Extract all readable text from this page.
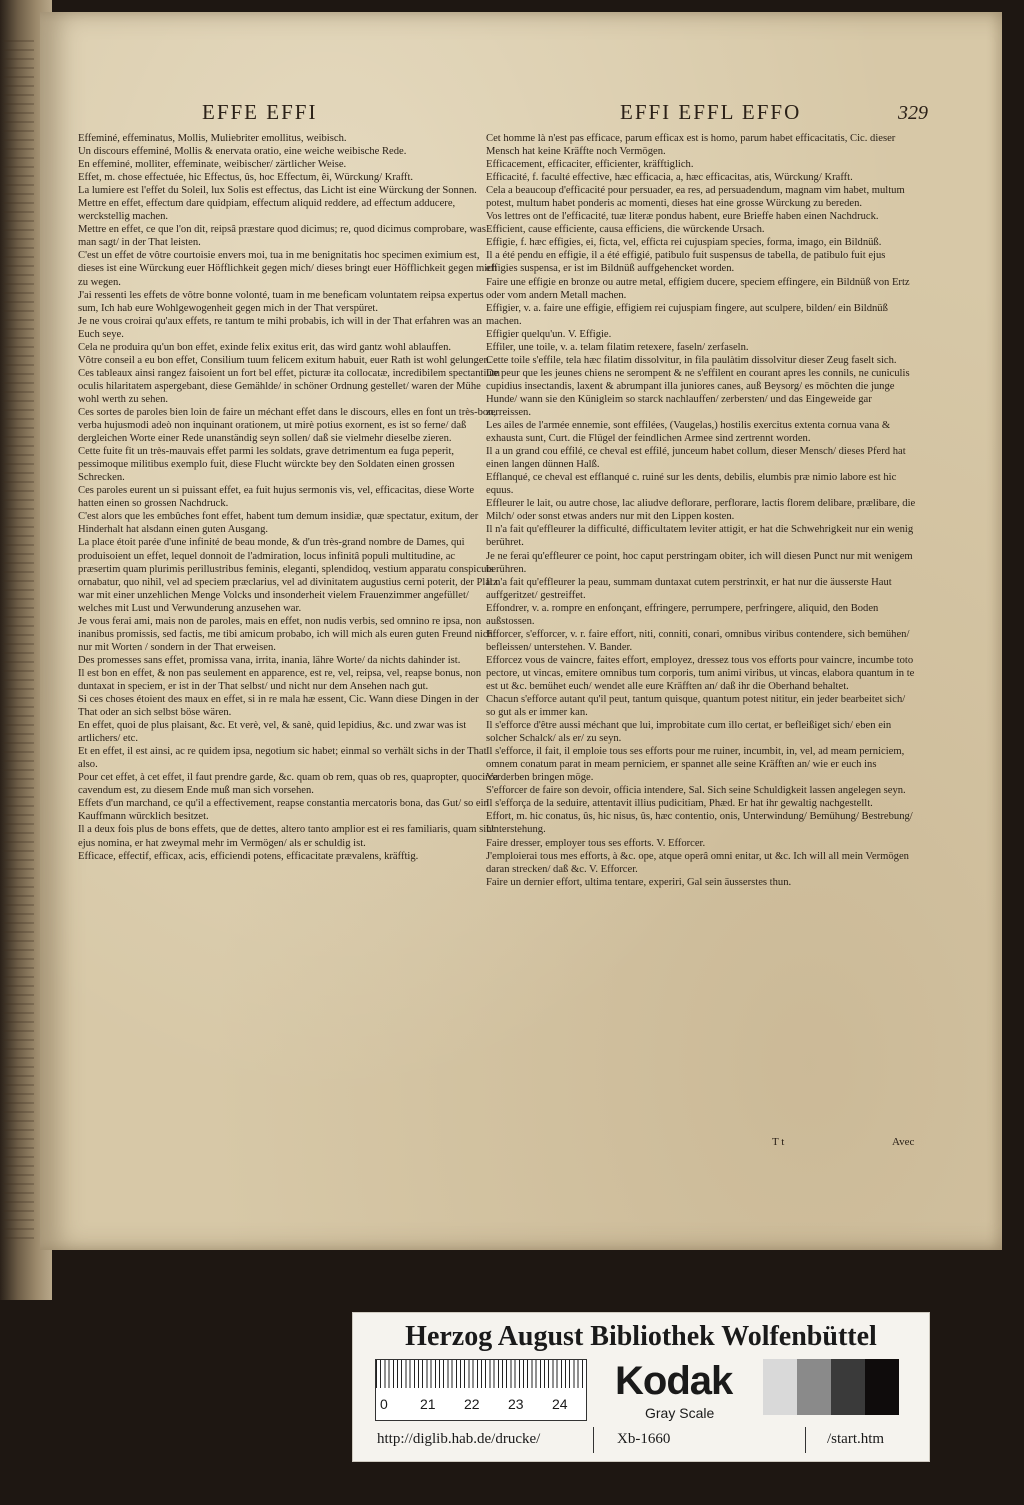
EFFE EFFI	EFFI EFFL EFFO	329

Effeminé, effeminatus, Mollis, Muliebriter emollitus, weibisch.

Un discours effeminé, Mollis & enervata oratio, eine weiche weibische Rede.

En effeminé, molliter, effeminate, weibischer/ zärtlicher Weise.

Effet, m. chose effectuée, hic Effectus, ûs, hoc Effectum, êi, Würckung/ Krafft.

La lumiere est l'effet du Soleil, lux Solis est effectus, das Licht ist eine Würckung der Sonnen.

Mettre en effet, effectum dare quidpiam, effectum aliquid reddere, ad effectum adducere, werckstellig machen.

Mettre en effet, ce que l'on dit, reipsâ præstare quod dicimus; re, quod dicimus comprobare, was man sagt/ in der That leisten.

C'est un effet de vôtre courtoisie envers moi, tua in me benignitatis hoc specimen eximium est, dieses ist eine Würckung euer Höfflichkeit gegen mich/ dieses bringt euer Höfflichkeit gegen mich zu wegen.

J'ai ressenti les effets de vôtre bonne volonté, tuam in me beneficam voluntatem reipsa expertus sum, Ich hab eure Wohlgewogenheit gegen mich in der That verspüret.

Je ne vous croirai qu'aux effets, re tantum te mihi probabis, ich will in der That erfahren was an Euch seye.

Cela ne produira qu'un bon effet, exinde felix exitus erit, das wird gantz wohl ablauffen.

Vôtre conseil a eu bon effet, Consilium tuum felicem exitum habuit, euer Rath ist wohl gelungen.

Ces tableaux ainsi rangez faisoient un fort bel effet, picturæ ita collocatæ, incredibilem spectantium oculis hilaritatem aspergebant, diese Gemählde/ in schöner Ordnung gestellet/ waren der Mühe wohl werth zu sehen.

Ces sortes de paroles bien loin de faire un méchant effet dans le discours, elles en font un très-bon, verba hujusmodi adeò non inquinant orationem, ut mirè potius exornent, es ist so ferne/ daß dergleichen Worte einer Rede unanständig seyn sollen/ daß sie vielmehr dieselbe zieren.

Cette fuite fit un très-mauvais effet parmi les soldats, grave detrimentum ea fuga peperit, pessimoque militibus exemplo fuit, diese Flucht würckte bey den Soldaten einen grossen Schrecken.

Ces paroles eurent un si puissant effet, ea fuit hujus sermonis vis, vel, efficacitas, diese Worte hatten einen so grossen Nachdruck.

C'est alors que les embûches font effet, habent tum demum insidiæ, quæ spectatur, exitum, der Hinderhalt hat alsdann einen guten Ausgang.

La place étoit parée d'une infinité de beau monde, & d'un très-grand nombre de Dames, qui produisoient un effet, lequel donnoit de l'admiration, locus infinitâ populi multitudine, ac præsertim quam plurimis perillustribus feminis, eleganti, splendidoq, vestium apparatu conspicuis ornabatur, quo nihil, vel ad speciem præclarius, vel ad divinitatem augustius cerni poterit, der Platz war mit einer unzehlichen Menge Volcks und insonderheit vielem Frauenzimmer angefüllet/ welches mit Lust und Verwunderung anzusehen war.

Je vous ferai ami, mais non de paroles, mais en effet, non nudis verbis, sed omnino re ipsa, non inanibus promissis, sed factis, me tibi amicum probabo, ich will mich als euren guten Freund nicht nur mit Worten / sondern in der That erweisen.

Des promesses sans effet, promissa vana, irrita, inania, lähre Worte/ da nichts dahinder ist.

Il est bon en effet, & non pas seulement en apparence, est re, vel, reipsa, vel, reapse bonus, non duntaxat in speciem, er ist in der That selbst/ und nicht nur dem Ansehen nach gut.

Si ces choses étoient des maux en effet, si in re mala hæ essent, Cic. Wann diese Dingen in der That oder an sich selbst böse wären.

En effet, quoi de plus plaisant, &c. Et verè, vel, & sanè, quid lepidius, &c. und zwar was ist artlichers/ etc.

Et en effet, il est ainsi, ac re quidem ipsa, negotium sic habet; einmal so verhält sichs in der That also.

Pour cet effet, à cet effet, il faut prendre garde, &c. quam ob rem, quas ob res, quapropter, quocirca cavendum est, zu diesem Ende muß man sich vorsehen.

Effets d'un marchand, ce qu'il a effectivement, reapse constantia mercatoris bona, das Gut/ so ein Kauffmann würcklich besitzet.

Il a deux fois plus de bons effets, que de dettes, altero tanto amplior est ei res familiaris, quam sint ejus nomina, er hat zweymal mehr im Vermögen/ als er schuldig ist.

Efficace, effectif, efficax, acis, efficiendi potens, efficacitate prævalens, kräfftig.

Cet homme là n'est pas efficace, parum efficax est is homo, parum habet efficacitatis, Cic. dieser Mensch hat keine Kräffte noch Vermögen.

Efficacement, efficaciter, efficienter, kräfftiglich.

Efficacité, f. faculté effective, hæc efficacia, a, hæc efficacitas, atis, Würckung/ Krafft.

Cela a beaucoup d'efficacité pour persuader, ea res, ad persuadendum, magnam vim habet, multum potest, multum habet ponderis ac momenti, dieses hat eine grosse Würckung zu bereden.

Vos lettres ont de l'efficacité, tuæ literæ pondus habent, eure Brieffe haben einen Nachdruck.

Efficient, cause efficiente, causa efficiens, die würckende Ursach.

Effigie, f. hæc effigies, ei, ficta, vel, efficta rei cujuspiam species, forma, imago, ein Bildnüß.

Il a été pendu en effigie, il a été effigié, patibulo fuit suspensus de tabella, de patibulo fuit ejus effigies suspensa, er ist im Bildnüß auffgehencket worden.

Faire une effigie en bronze ou autre metal, effigiem ducere, speciem effingere, ein Bildnüß von Ertz oder vom andern Metall machen.

Effigier, v. a. faire une effigie, effigiem rei cujuspiam fingere, aut sculpere, bilden/ ein Bildnüß machen.

Effigier quelqu'un. V. Effigie.

Effiler, une toile, v. a. telam filatim retexere, faseln/ zerfaseln.

Cette toile s'effile, tela hæc filatim dissolvitur, in fila paulàtim dissolvitur dieser Zeug faselt sich.

De peur que les jeunes chiens ne serompent & ne s'effilent en courant apres les connils, ne cuniculis cupidius insectandis, laxent & abrumpant illa juniores canes, auß Beysorg/ es möchten die junge Hunde/ wann sie den Künigleim so starck nachlauffen/ zerbersten/ und das Eingeweide gar zerreissen.

Les ailes de l'armée ennemie, sont effilées, (Vaugelas,) hostilis exercitus extenta cornua vana & exhausta sunt, Curt. die Flügel der feindlichen Armee sind zertrennt worden.

Il a un grand cou effilé, ce cheval est effilé, junceum habet collum, dieser Mensch/ dieses Pferd hat einen langen dünnen Halß.

Efflanqué, ce cheval est efflanqué c. ruiné sur les dents, debilis, elumbis præ nimio labore est hic equus.

Effleurer le lait, ou autre chose, lac aliudve deflorare, perflorare, lactis florem delibare, prælibare, die Milch/ oder sonst etwas anders nur mit den Lippen kosten.

Il n'a fait qu'effleurer la difficulté, difficultatem leviter attigit, er hat die Schwehrigkeit nur ein wenig berühret.

Je ne ferai qu'effleurer ce point, hoc caput perstringam obiter, ich will diesen Punct nur mit wenigem berühren.

Il n'a fait qu'effleurer la peau, summam duntaxat cutem perstrinxit, er hat nur die äusserste Haut auffgeritzet/ gestreiffet.

Effondrer, v. a. rompre en enfonçant, effringere, perrumpere, perfringere, aliquid, den Boden außstossen.

Efforcer, s'efforcer, v. r. faire effort, niti, conniti, conari, omnibus viribus contendere, sich bemühen/ befleissen/ unterstehen. V. Bander.

Efforcez vous de vaincre, faites effort, employez, dressez tous vos efforts pour vaincre, incumbe toto pectore, ut vincas, emitere omnibus tum corporis, tum animi viribus, ut vincas, elabora quantum in te est ut &c. bemühet euch/ wendet alle eure Kräfften an/ daß ihr die Oberhand behaltet.

Chacun s'efforce autant qu'il peut, tantum quisque, quantum potest nititur, ein jeder bearbeitet sich/ so gut als er immer kan.

Il s'efforce d'être aussi méchant que lui, improbitate cum illo certat, er befleißiget sich/ eben ein solcher Schalck/ als er/ zu seyn.

Il s'efforce, il fait, il emploie tous ses efforts pour me ruiner, incumbit, in, vel, ad meam perniciem, omnem conatum parat in meam perniciem, er spannet alle seine Kräfften an/ wie er euch ins Verderben bringen möge.

S'efforcer de faire son devoir, officia intendere, Sal. Sich seine Schuldigkeit lassen angelegen seyn.

Il s'efforça de la seduire, attentavit illius pudicitiam, Phæd. Er hat ihr gewaltig nachgestellt.

Effort, m. hic conatus, ûs, hic nisus, ûs, hæc contentio, onis, Unterwindung/ Bemühung/ Bestrebung/ Unterstehung.

Faire dresser, employer tous ses efforts. V. Efforcer.

J'emploierai tous mes efforts, à &c. ope, atque operâ omni enitar, ut &c. Ich will all mein Vermögen daran strecken/ daß &c. V. Efforcer.

Faire un dernier effort, ultima tentare, experiri, Gal sein äusserstes thun.

T t	Avec
Herzog August Bibliothek Wolfenbüttel
0 21 22 23 24
Kodak
Gray Scale
http://diglib.hab.de/drucke/	Xb-1660	/start.htm
